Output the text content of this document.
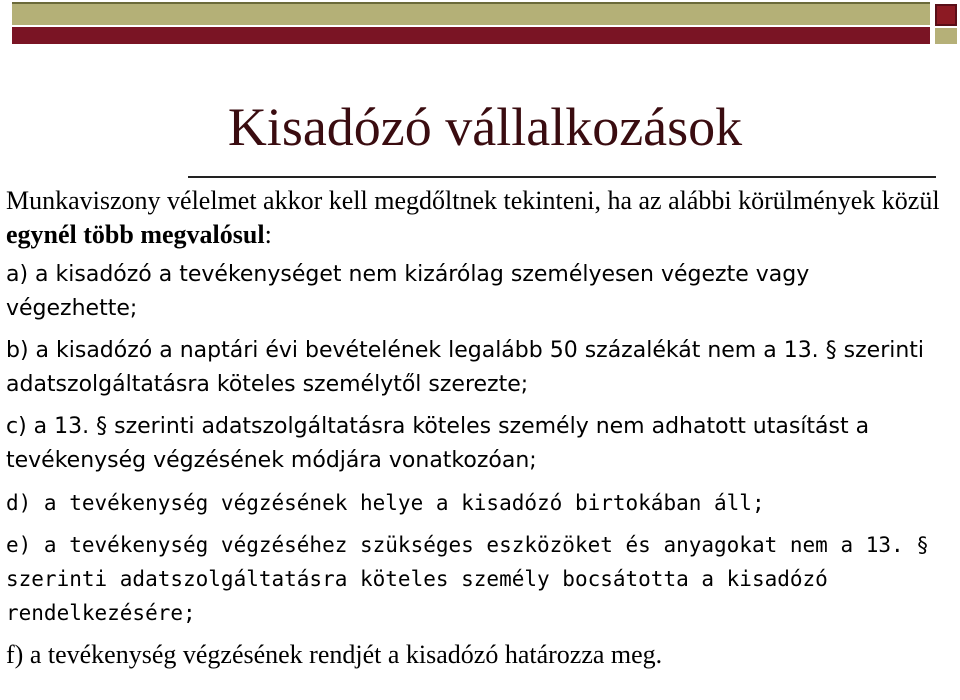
Kisadózó vállalkozások

Munkaviszony vélelmet akkor kell megdőltnek tekinteni, ha az alábbi körülmények közül egynél több megvalósul:

a) a kisadózó a tevékenységet nem kizárólag személyesen végezte vagy végezhette;

b) a kisadózó a naptári évi bevételének legalább 50 százalékát nem a 13. § szerinti adatszolgáltatásra köteles személytől szerezte;

c) a 13. § szerinti adatszolgáltatásra köteles személy nem adhatott utasítást a tevékenység végzésének módjára vonatkozóan;

d) a tevékenység végzésének helye a kisadózó birtokában áll;

e) a tevékenység végzéséhez szükséges eszközöket és anyagokat nem a 13. § szerinti adatszolgáltatásra köteles személy bocsátotta a kisadózó rendelkezésére;

f) a tevékenység végzésének rendjét a kisadózó határozza meg.
